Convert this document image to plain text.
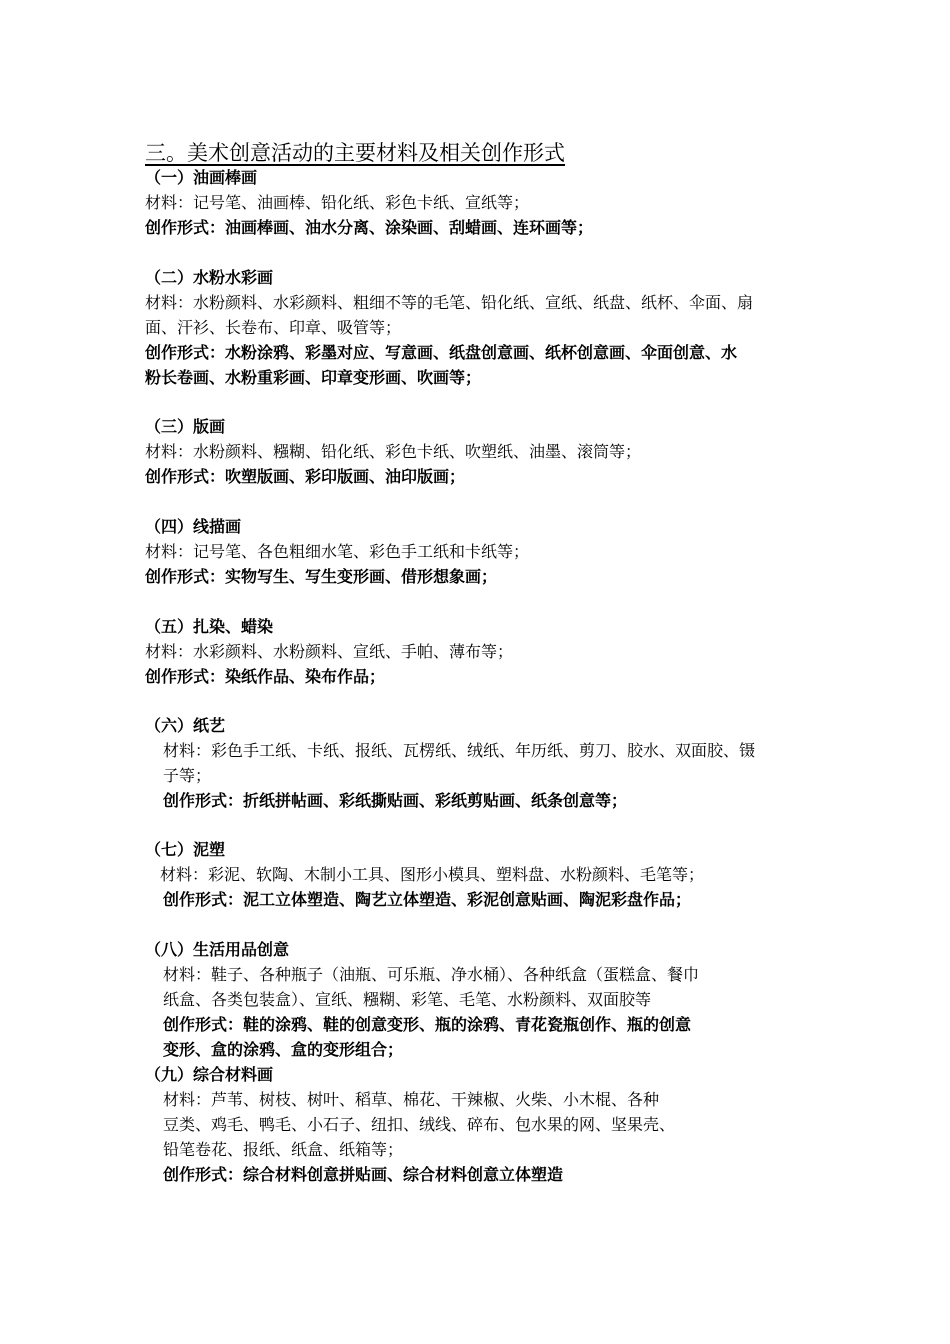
三。美术创意活动的主要材料及相关创作形式
（一）油画棒画
材料：记号笔、油画棒、铅化纸、彩色卡纸、宣纸等；
创作形式：油画棒画、油水分离、涂染画、刮蜡画、连环画等；
（二）水粉水彩画
材料：水粉颜料、水彩颜料、粗细不等的毛笔、铅化纸、宣纸、纸盘、纸杯、伞面、扇
面、汗衫、长卷布、印章、吸管等；
创作形式：水粉涂鸦、彩墨对应、写意画、纸盘创意画、纸杯创意画、伞面创意、水
粉长卷画、水粉重彩画、印章变形画、吹画等；
（三）版画
材料：水粉颜料、糨糊、铅化纸、彩色卡纸、吹塑纸、油墨、滚筒等；
创作形式：吹塑版画、彩印版画、油印版画；
（四）线描画
材料：记号笔、各色粗细水笔、彩色手工纸和卡纸等；
创作形式：实物写生、写生变形画、借形想象画；
（五）扎染、蜡染
材料：水彩颜料、水粉颜料、宣纸、手帕、薄布等；
创作形式：染纸作品、染布作品；
（六）纸艺
材料：彩色手工纸、卡纸、报纸、瓦楞纸、绒纸、年历纸、剪刀、胶水、双面胶、镊
子等；
创作形式：折纸拼帖画、彩纸撕贴画、彩纸剪贴画、纸条创意等；
（七）泥塑
材料：彩泥、软陶、木制小工具、图形小模具、塑料盘、水粉颜料、毛笔等；
创作形式：泥工立体塑造、陶艺立体塑造、彩泥创意贴画、陶泥彩盘作品；
（八）生活用品创意
材料：鞋子、各种瓶子（油瓶、可乐瓶、净水桶）、各种纸盒（蛋糕盒、餐巾
纸盒、各类包装盒）、宣纸、糨糊、彩笔、毛笔、水粉颜料、双面胶等
创作形式：鞋的涂鸦、鞋的创意变形、瓶的涂鸦、青花瓷瓶创作、瓶的创意
变形、盒的涂鸦、盒的变形组合；
（九）综合材料画
材料：芦苇、树枝、树叶、稻草、棉花、干辣椒、火柴、小木棍、各种
豆类、鸡毛、鸭毛、小石子、纽扣、绒线、碎布、包水果的网、坚果壳、
铅笔卷花、报纸、纸盒、纸箱等；
创作形式：综合材料创意拼贴画、综合材料创意立体塑造
